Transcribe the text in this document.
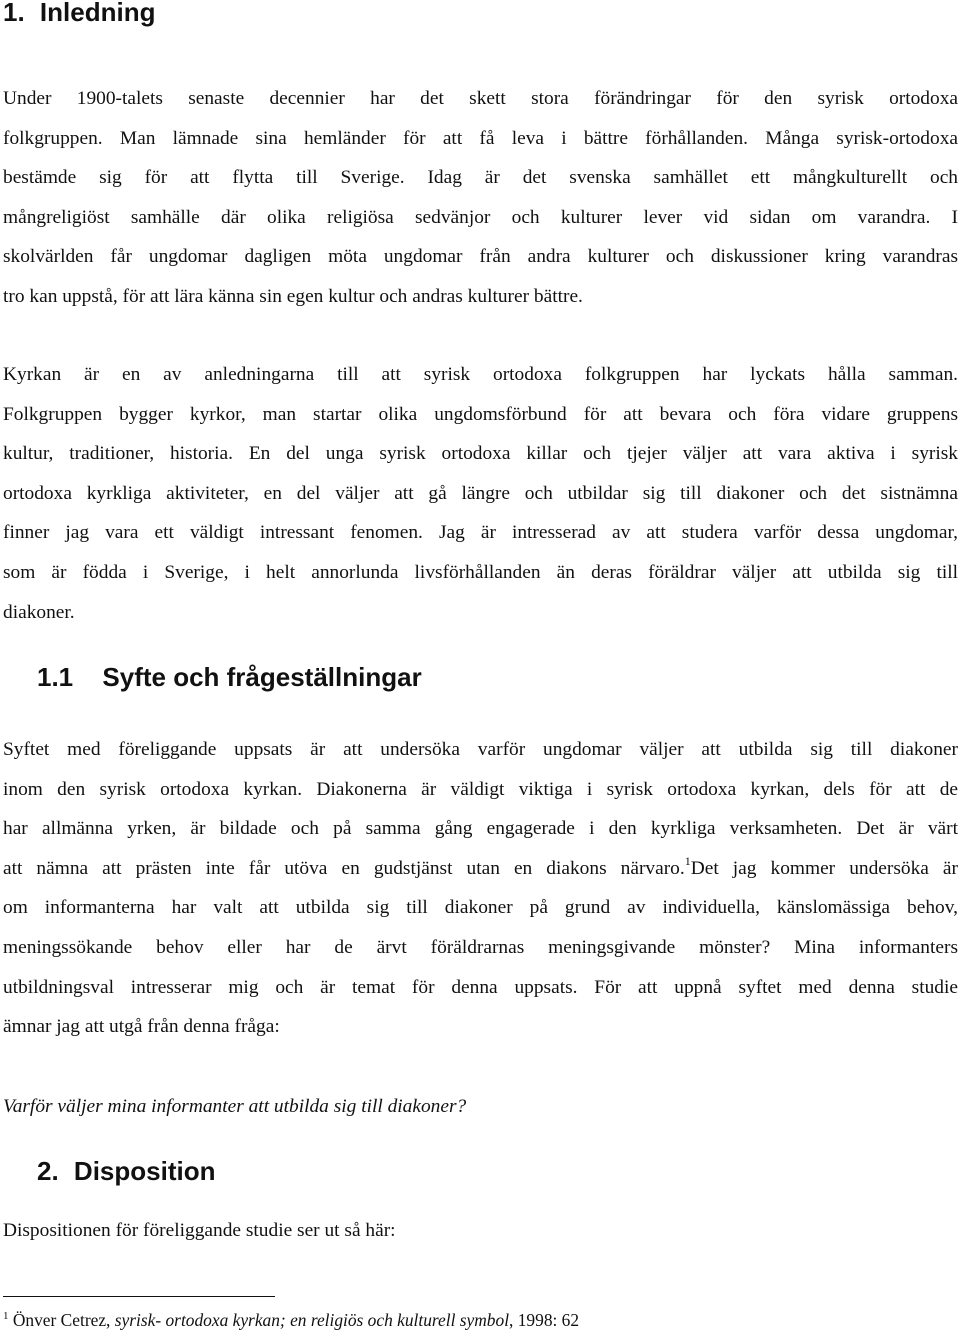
1. Inledning
Under 1900-talets senaste decennier har det skett stora förändringar för den syrisk ortodoxa
folkgruppen. Man lämnade sina hemländer för att få leva i bättre förhållanden. Många syrisk-ortodoxa
bestämde sig för att flytta till Sverige. Idag är det svenska samhället ett mångkulturellt och
mångreligiöst samhälle där olika religiösa sedvänjor och kulturer lever vid sidan om varandra. I
skolvärlden får ungdomar dagligen möta ungdomar från andra kulturer och diskussioner kring varandras
tro kan uppstå, för att lära känna sin egen kultur och andras kulturer bättre.
Kyrkan är en av anledningarna till att syrisk ortodoxa folkgruppen har lyckats hålla samman.
Folkgruppen bygger kyrkor, man startar olika ungdomsförbund för att bevara och föra vidare gruppens
kultur, traditioner, historia. En del unga syrisk ortodoxa killar och tjejer väljer att vara aktiva i syrisk
ortodoxa kyrkliga aktiviteter, en del väljer att gå längre och utbildar sig till diakoner och det sistnämna
finner jag vara ett väldigt intressant fenomen. Jag är intresserad av att studera varför dessa ungdomar,
som är födda i Sverige, i helt annorlunda livsförhållanden än deras föräldrar väljer att utbilda sig till
diakoner.
1.1 Syfte och frågeställningar
Syftet med föreliggande uppsats är att undersöka varför ungdomar väljer att utbilda sig till diakoner
inom den syrisk ortodoxa kyrkan. Diakonerna är väldigt viktiga i syrisk ortodoxa kyrkan, dels för att de
har allmänna yrken, är bildade och på samma gång engagerade i den kyrkliga verksamheten. Det är värt
att nämna att prästen inte får utöva en gudstjänst utan en diakons närvaro.$^1$Det jag kommer undersöka är
om informanterna har valt att utbilda sig till diakoner på grund av individuella, känslomässiga behov,
meningssökande behov eller har de ärvt föräldrarnas meningsgivande mönster? Mina informanters
utbildningsval intresserar mig och är temat för denna uppsats. För att uppnå syftet med denna studie
ämnar jag att utgå från denna fråga:

Varför väljer mina informanter att utbilda sig till diakoner?

2. Disposition

Dispositionen för föreliggande studie ser ut så här:

$^1$ Önver Cetrez, syrisk- ortodoxa kyrkan; en religiös och kulturell symbol, 1998: 62
